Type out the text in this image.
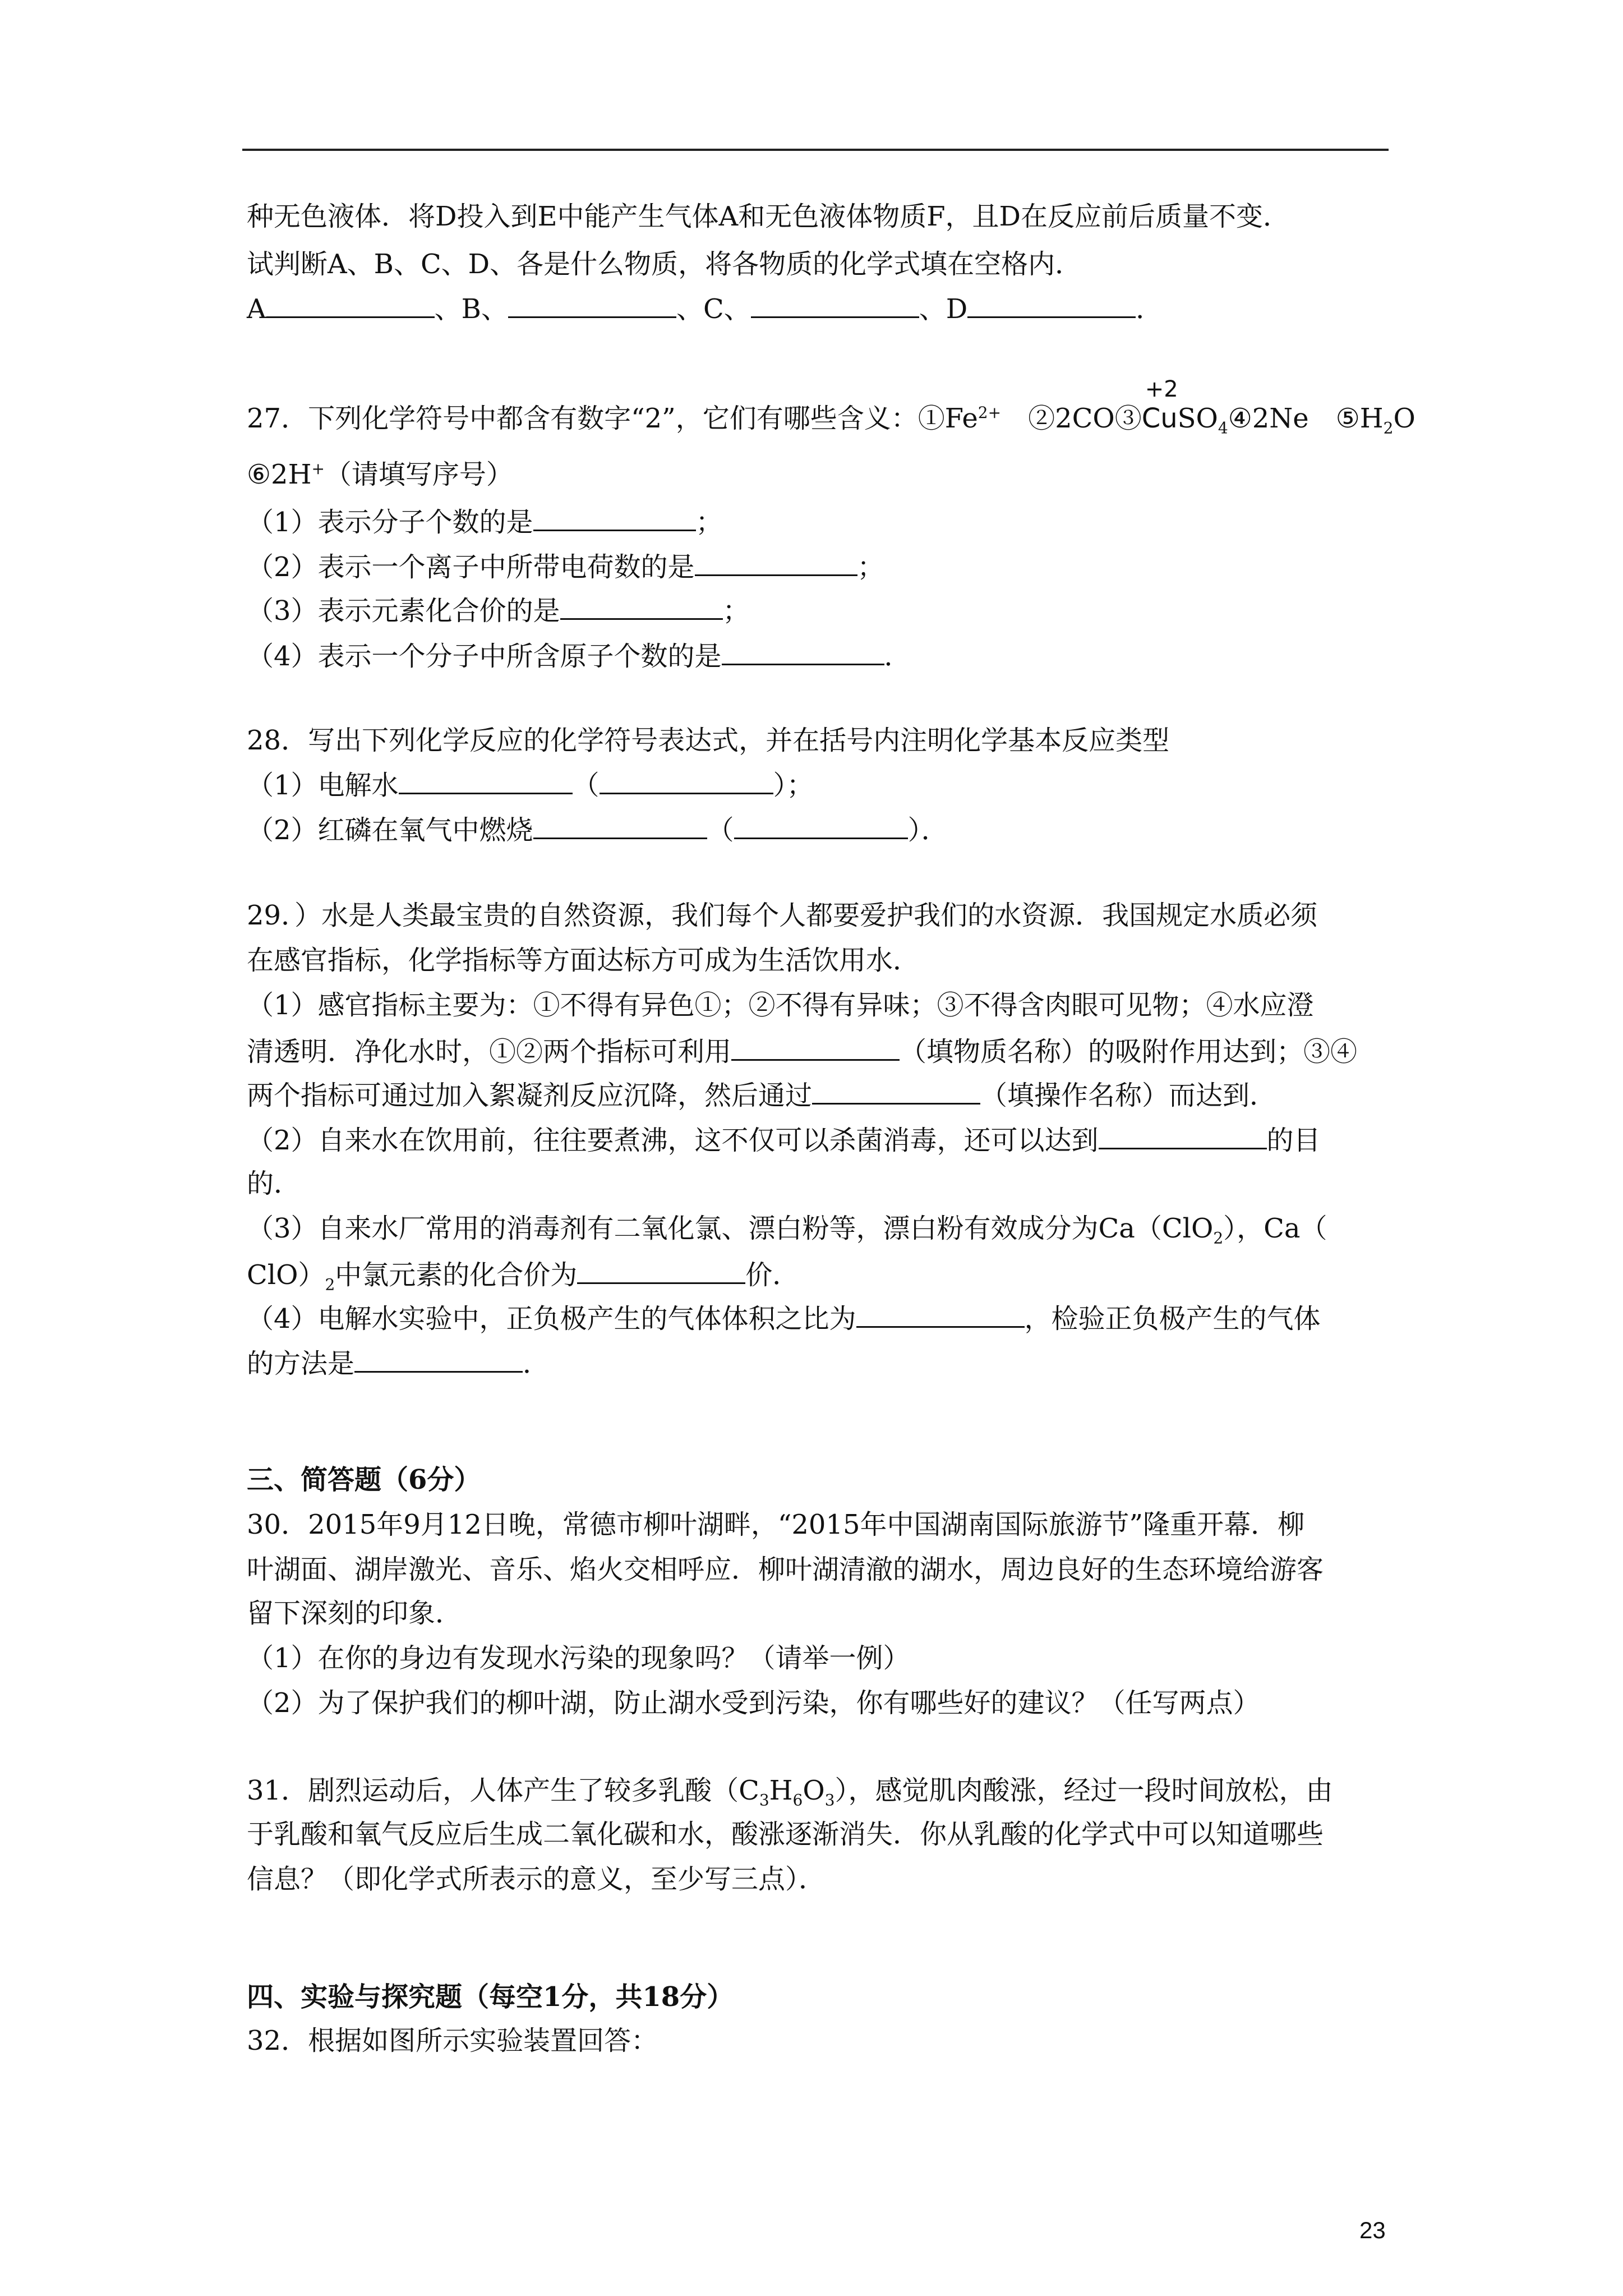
种无色液体．将D投入到E中能产生气体A和无色液体物质F，且D在反应前后质量不变．
试判断A、B、C、D、各是什么物质，将各物质的化学式填在空格内．
A	、B、	、C、	、D	．
27．下列化学符号中都含有数字“2”，它们有哪些含义：$①Fe^{2+}$　 ②2CO③
+2
CuSO$_4$④2Ne　 $⑤H_2O$
⑥2H+（请填写序号）
（1）表示分子个数的是	；
（2）表示一个离子中所带电荷数的是	；
（3）表示元素化合价的是	；
（4）表示一个分子中所含原子个数的是	．
28．写出下列化学反应的化学符号表达式，并在括号内注明化学基本反应类型
（1）电解水	（	）；
（2）红磷在氧气中燃烧	（	）．
29．）水是人类最宝贵的自然资源，我们每个人都要爱护我们的水资源．我国规定水质必须
在感官指标，化学指标等方面达标方可成为生活饮用水．
（1）感官指标主要为：①不得有异色①；②不得有异味；③不得含肉眼可见物；④水应澄
清透明．净化水时，①②两个指标可利用	（填物质名称）的吸附作用达到；③④
两个指标可通过加入絮凝剂反应沉降，然后通过	（填操作名称）而达到．
（2）自来水在饮用前，往往要煮沸，这不仅可以杀菌消毒，还可以达到	的目
的．
（3）自来水厂常用的消毒剂有二氧化氯、漂白粉等，漂白粉有效成分为Ca（ClO$_2$），Ca（
$ClO)_2$中氯元素的化合价为	价．
（4）电解水实验中，正负极产生的气体体积之比为	，检验正负极产生的气体
的方法是	．
三、简答题（6分）
30．2015年9月12日晚，常德市柳叶湖畔，“2015年中国湖南国际旅游节”隆重开幕．柳
叶湖面、湖岸激光、音乐、焰火交相呼应．柳叶湖清澈的湖水，周边良好的生态环境给游客
留下深刻的印象．
（1）在你的身边有发现水污染的现象吗？（请举一例）
（2）为了保护我们的柳叶湖，防止湖水受到污染，你有哪些好的建议？（任写两点）
31．剧烈运动后，人体产生了较多乳酸$(C_3H_6O_3)$，感觉肌肉酸涨，经过一段时间放松，由
于乳酸和氧气反应后生成二氧化碳和水，酸涨逐渐消失．你从乳酸的化学式中可以知道哪些
信息？（即化学式所表示的意义，至少写三点）．
四、实验与探究题（每空1分，共18分）
32．根据如图所示实验装置回答：
23
